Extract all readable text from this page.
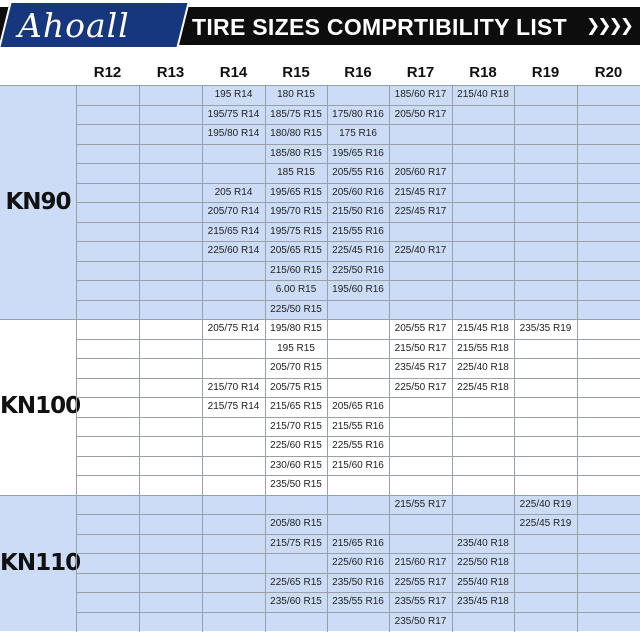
Ahoall	TIRE SIZES COMPRTIBILITY LIST ❯❯❯❯
R12	R13	R14	R15	R16	R17	R18	R19	R20
KN90
195 R14	180 R15	185/60 R17	215/40 R18
195/75 R14	185/75 R15	175/80 R16	205/50 R17
195/80 R14	180/80 R15	175 R16
185/80 R15	195/65 R16
185 R15	205/55 R16	205/60 R17
205 R14	195/65 R15	205/60 R16	215/45 R17
205/70 R14	195/70 R15	215/50 R16	225/45 R17
215/65 R14	195/75 R15	215/55 R16
225/60 R14	205/65 R15	225/45 R16	225/40 R17
215/60 R15	225/50 R16
6.00 R15	195/60 R16
225/50 R15
KN100
205/75 R14	195/80 R15	205/55 R17	215/45 R18	235/35 R19
195 R15	215/50 R17	215/55 R18
205/70 R15	235/45 R17	225/40 R18
215/70 R14	205/75 R15	225/50 R17	225/45 R18
215/75 R14	215/65 R15	205/65 R16
215/70 R15	215/55 R16
225/60 R15	225/55 R16
230/60 R15	215/60 R16
235/50 R15
KN110
215/55 R17	225/40 R19
205/80 R15	225/45 R19
215/75 R15	215/65 R16	235/40 R18
225/60 R16	215/60 R17	225/50 R18
225/65 R15	235/50 R16	225/55 R17	255/40 R18
235/60 R15	235/55 R16	235/55 R17	235/45 R18
235/50 R17
